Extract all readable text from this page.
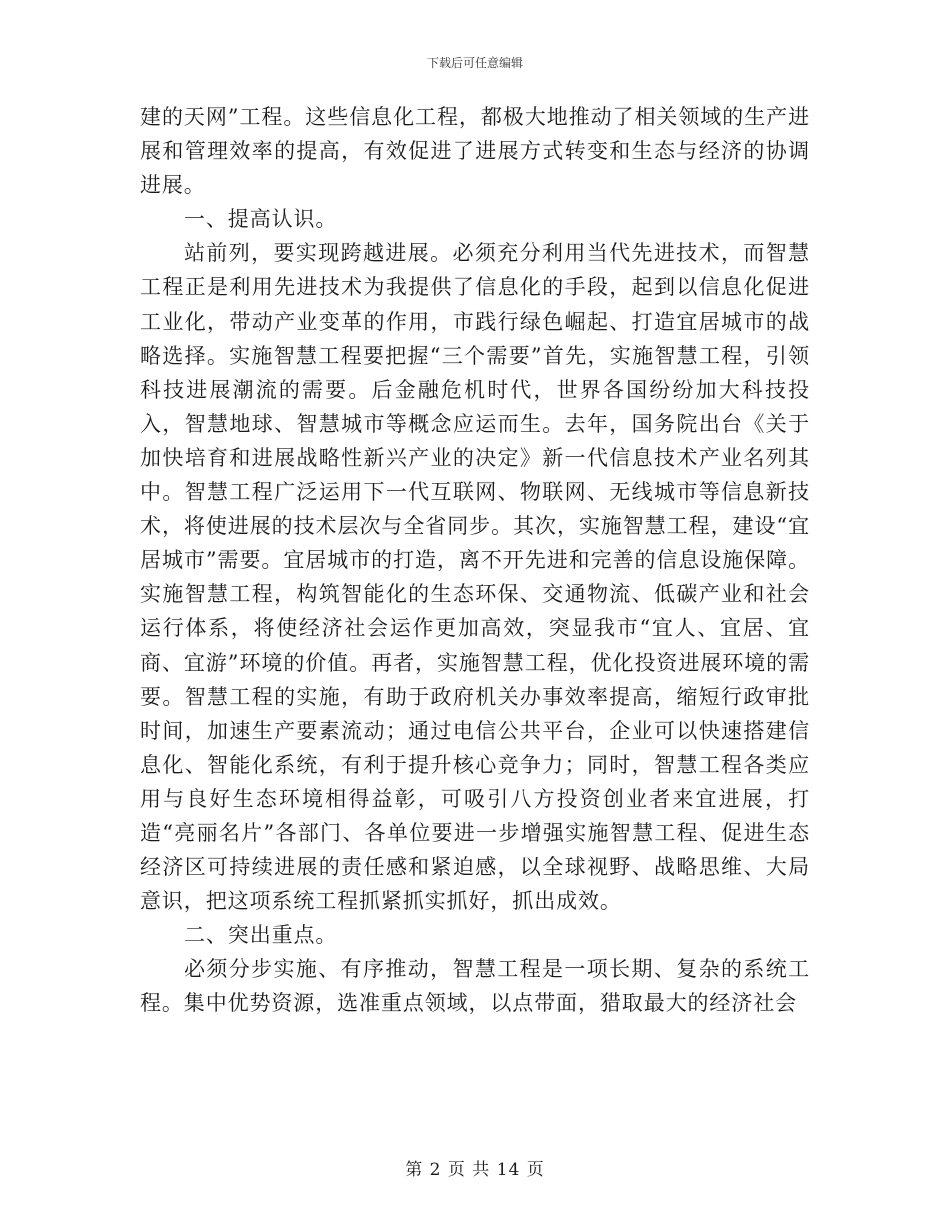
下载后可任意编辑

建的天网”工程。这些信息化工程，都极大地推动了相关领域的生产进展和管理效率的提高，有效促进了进展方式转变和生态与经济的协调进展。

一、提高认识。

站前列，要实现跨越进展。必须充分利用当代先进技术，而智慧工程正是利用先进技术为我提供了信息化的手段，起到以信息化促进工业化，带动产业变革的作用，市践行绿色崛起、打造宜居城市的战略选择。实施智慧工程要把握“三个需要”首先，实施智慧工程，引领科技进展潮流的需要。后金融危机时代，世界各国纷纷加大科技投入，智慧地球、智慧城市等概念应运而生。去年，国务院出台《关于加快培育和进展战略性新兴产业的决定》新一代信息技术产业名列其中。智慧工程广泛运用下一代互联网、物联网、无线城市等信息新技术，将使进展的技术层次与全省同步。其次，实施智慧工程，建设“宜居城市”需要。宜居城市的打造，离不开先进和完善的信息设施保障。实施智慧工程，构筑智能化的生态环保、交通物流、低碳产业和社会运行体系，将使经济社会运作更加高效，突显我市“宜人、宜居、宜商、宜游”环境的价值。再者，实施智慧工程，优化投资进展环境的需要。智慧工程的实施，有助于政府机关办事效率提高，缩短行政审批时间，加速生产要素流动；通过电信公共平台，企业可以快速搭建信息化、智能化系统，有利于提升核心竞争力；同时，智慧工程各类应用与良好生态环境相得益彰，可吸引八方投资创业者来宜进展，打造“亮丽名片”各部门、各单位要进一步增强实施智慧工程、促进生态经济区可持续进展的责任感和紧迫感，以全球视野、战略思维、大局意识，把这项系统工程抓紧抓实抓好，抓出成效。

二、突出重点。

必须分步实施、有序推动，智慧工程是一项长期、复杂的系统工程。集中优势资源，选准重点领域，以点带面，猎取最大的经济社会

第 2 页 共 14 页
